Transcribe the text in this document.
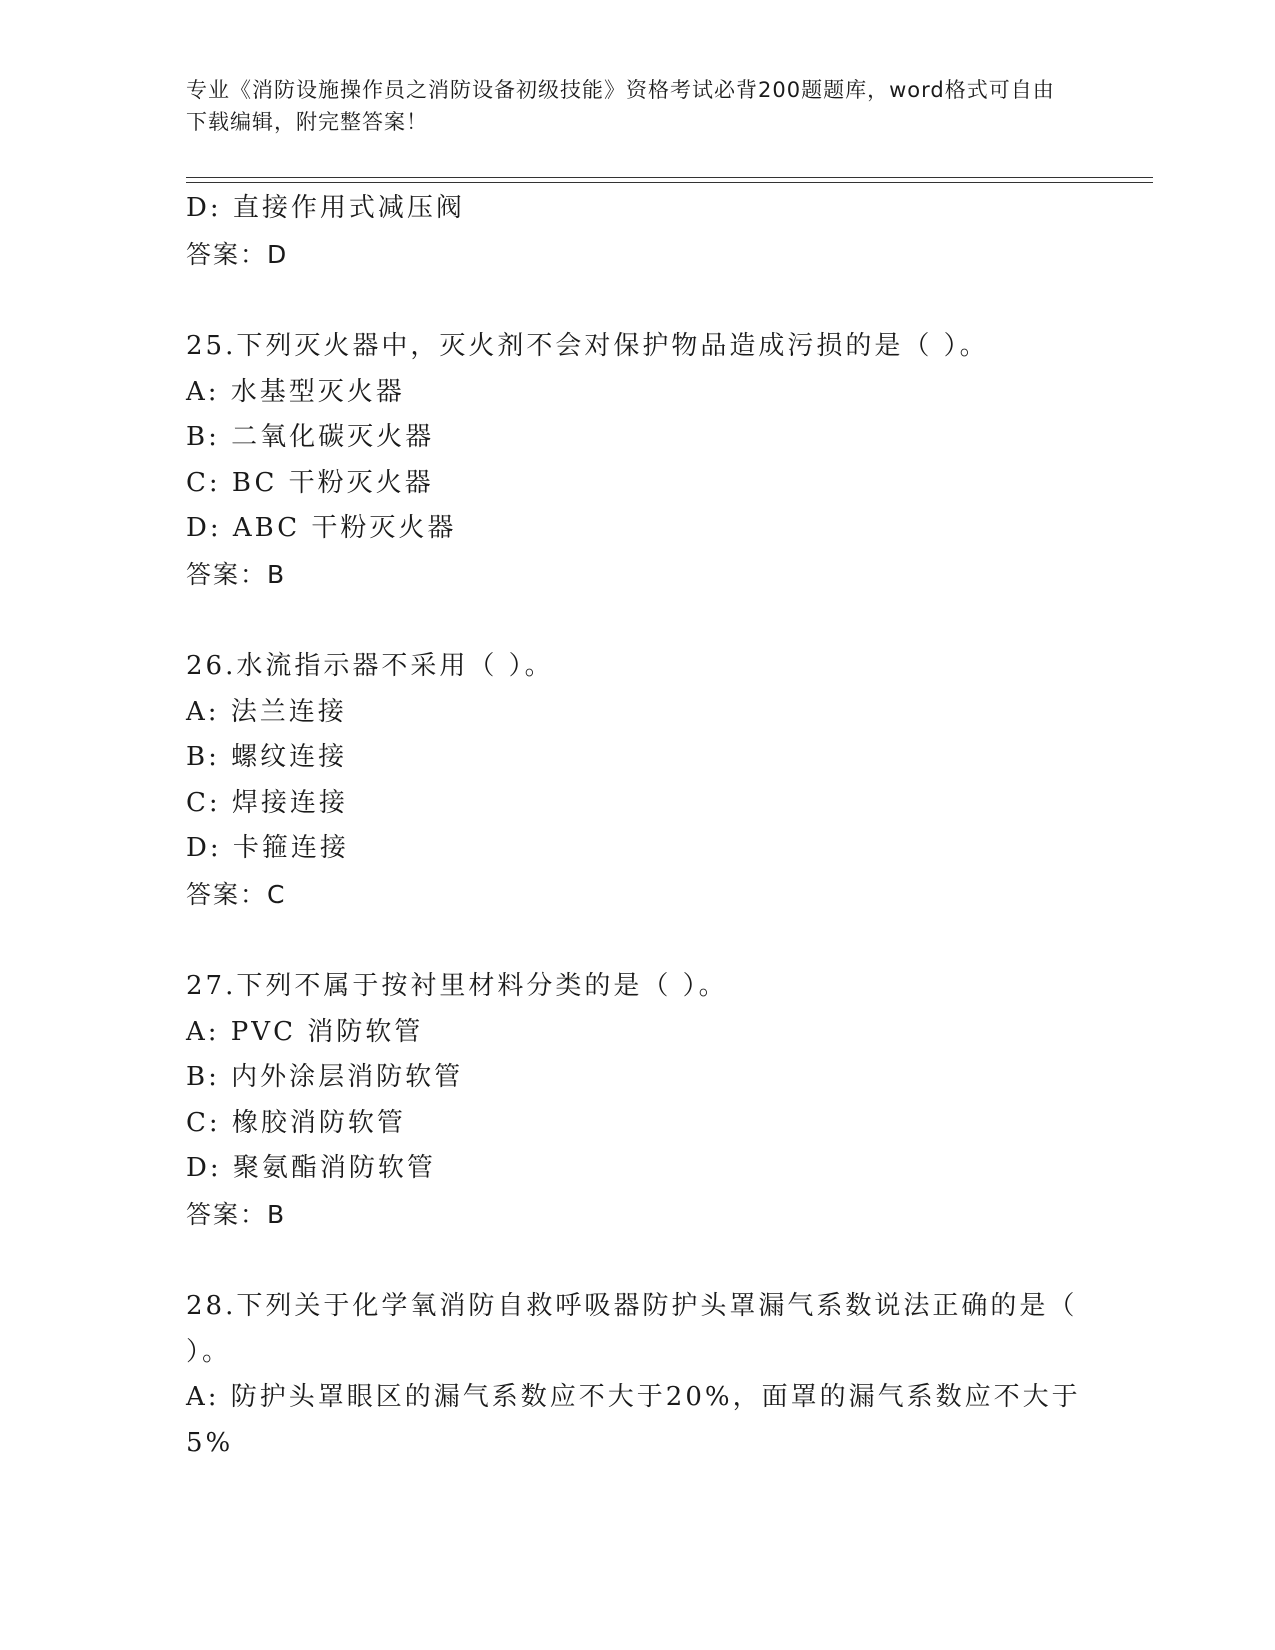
专业《消防设施操作员之消防设备初级技能》资格考试必背200题题库，word格式可自由下载编辑，附完整答案！
D: 直接作用式减压阀
答案：D
25.下列灭火器中，灭火剂不会对保护物品造成污损的是（ ）。
A: 水基型灭火器
B: 二氧化碳灭火器
C: BC 干粉灭火器
D: ABC 干粉灭火器
答案：B
26.水流指示器不采用（ ）。
A: 法兰连接
B: 螺纹连接
C: 焊接连接
D: 卡箍连接
答案：C
27.下列不属于按衬里材料分类的是（ ）。
A: PVC 消防软管
B: 内外涂层消防软管
C: 橡胶消防软管
D: 聚氨酯消防软管
答案：B
28.下列关于化学氧消防自救呼吸器防护头罩漏气系数说法正确的是（ ）。
A: 防护头罩眼区的漏气系数应不大于20%，面罩的漏气系数应不大于5%
